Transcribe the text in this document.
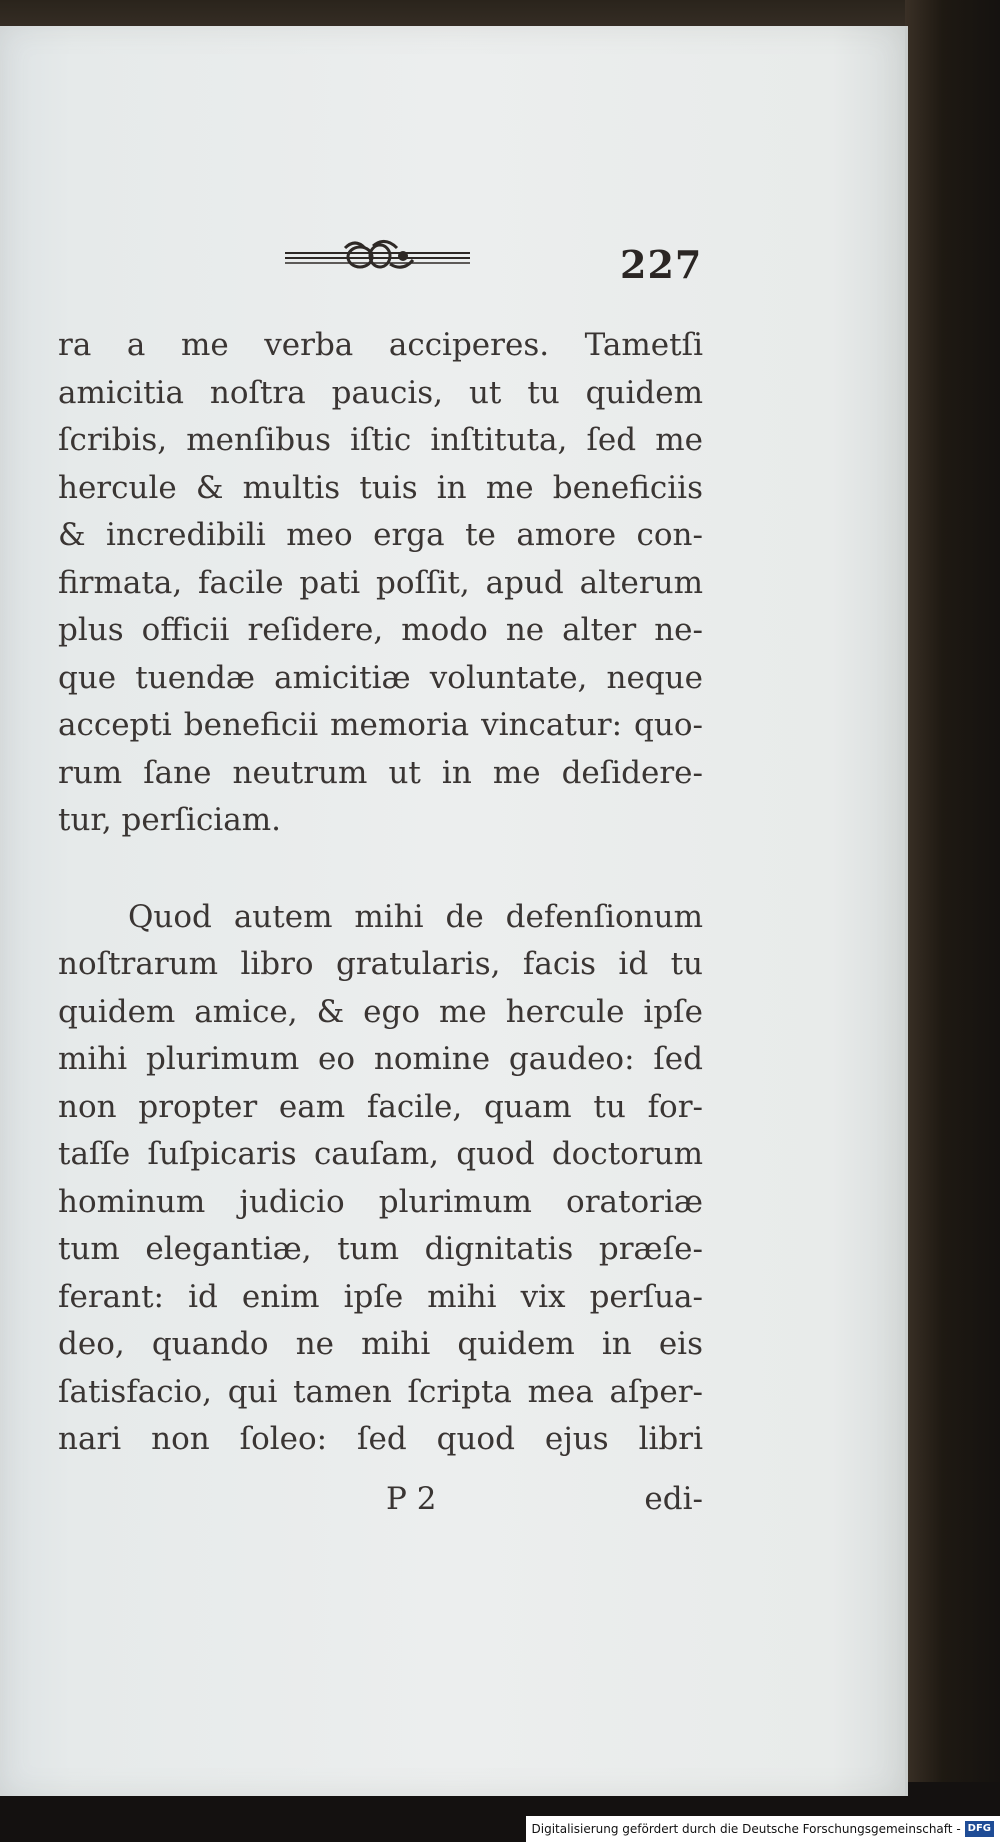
227
ra a me verba acciperes. Tametſi
amicitia noſtra paucis, ut tu quidem
ſcribis, menſibus iſtic inſtituta, ſed me
hercule & multis tuis in me beneficiis
& incredibili meo erga te amore con-
firmata, facile pati poſſit, apud alterum
plus officii reſidere, modo ne alter ne-
que tuendæ amicitiæ voluntate, neque
accepti beneficii memoria vincatur: quo-
rum ſane neutrum ut in me deſidere-
tur, perſiciam.
Quod autem mihi de defenſionum
noſtrarum libro gratularis, facis id tu
quidem amice, & ego me hercule ipſe
mihi plurimum eo nomine gaudeo: ſed
non propter eam facile, quam tu for-
taſſe ſuſpicaris cauſam, quod doctorum
hominum judicio plurimum oratoriæ
tum elegantiæ, tum dignitatis præſe-
ferant: id enim ipſe mihi vix perſua-
deo, quando ne mihi quidem in eis
ſatisfacio, qui tamen ſcripta mea aſper-
nari non ſoleo: ſed quod ejus libri
P 2	edi-
Digitalisierung gefördert durch die Deutsche Forschungsgemeinschaft - DFG
